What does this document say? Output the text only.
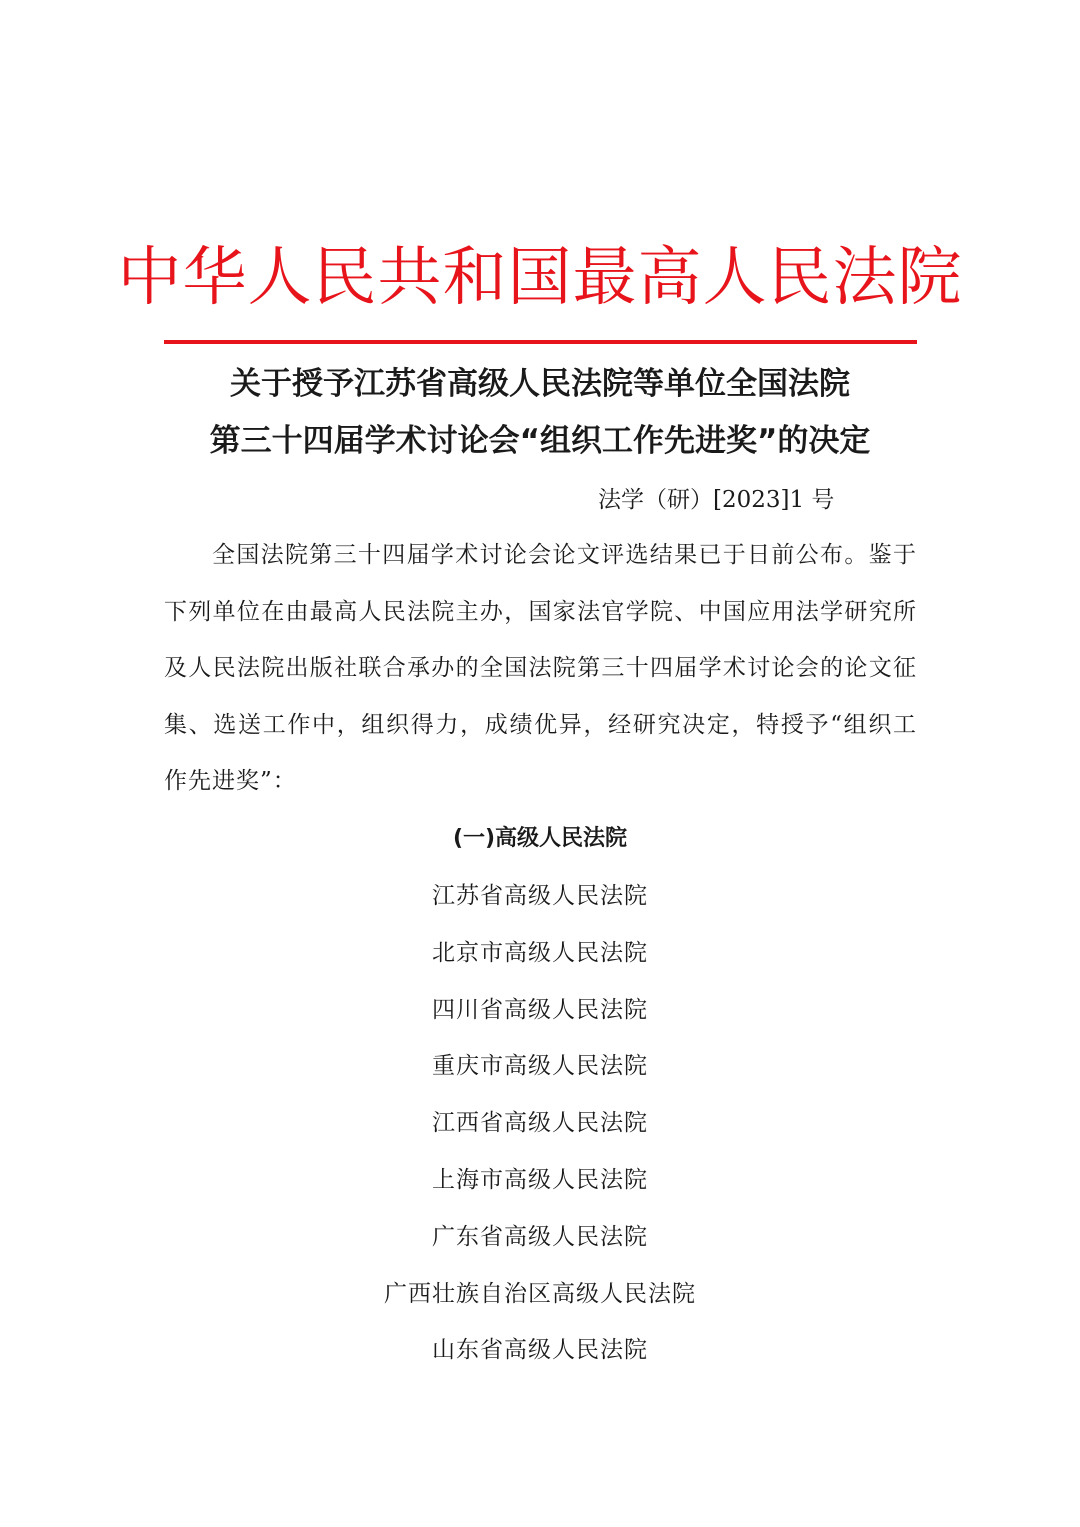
中华人民共和国最高人民法院
关于授予江苏省高级人民法院等单位全国法院
第三十四届学术讨论会“组织工作先进奖”的决定
法学（研）[2023]1 号
全国法院第三十四届学术讨论会论文评选结果已于日前公布。鉴于下列单位在由最高人民法院主办，国家法官学院、中国应用法学研究所及人民法院出版社联合承办的全国法院第三十四届学术讨论会的论文征集、选送工作中，组织得力，成绩优异，经研究决定，特授予“组织工作先进奖”：
(一)高级人民法院
江苏省高级人民法院
北京市高级人民法院
四川省高级人民法院
重庆市高级人民法院
江西省高级人民法院
上海市高级人民法院
广东省高级人民法院
广西壮族自治区高级人民法院
山东省高级人民法院
